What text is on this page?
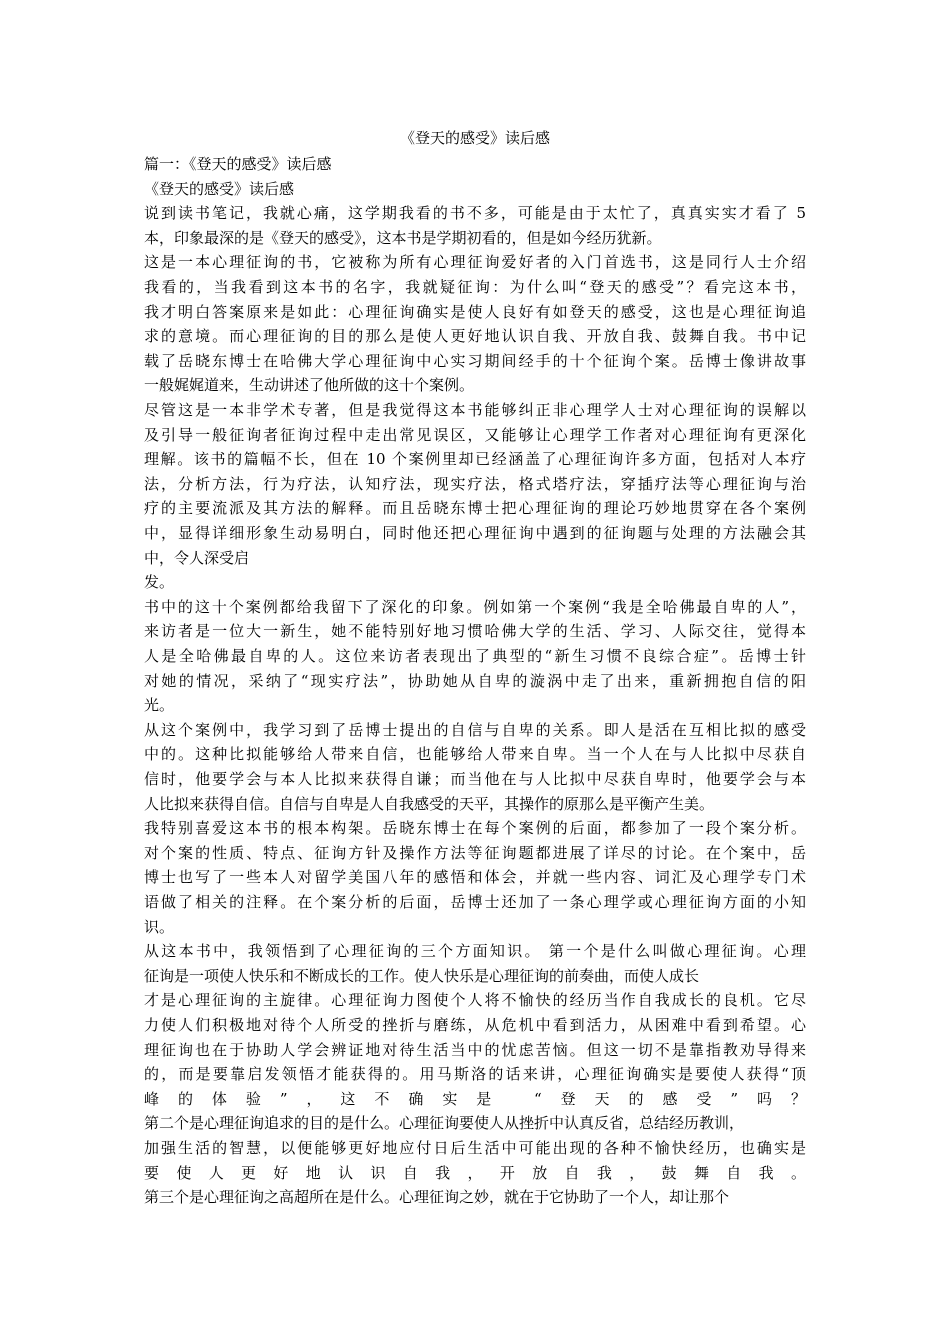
《登天的感受》读后感
篇一：《登天的感受》读后感
《登天的感受》读后感
说到读书笔记，我就心痛，这学期我看的书不多，可能是由于太忙了，真真实实才看了 5
本，印象最深的是《登天的感受》，这本书是学期初看的，但是如今经历犹新。
这是一本心理征询的书，它被称为所有心理征询爱好者的入门首选书，这是同行人士介绍
我看的，当我看到这本书的名字，我就疑征询：为什么叫“登天的感受”？看完这本书，
我才明白答案原来是如此：心理征询确实是使人良好有如登天的感受，这也是心理征询追
求的意境。而心理征询的目的那么是使人更好地认识自我、开放自我、鼓舞自我。书中记
载了岳晓东博士在哈佛大学心理征询中心实习期间经手的十个征询个案。岳博士像讲故事
一般娓娓道来，生动讲述了他所做的这十个案例。
尽管这是一本非学术专著，但是我觉得这本书能够纠正非心理学人士对心理征询的误解以
及引导一般征询者征询过程中走出常见误区，又能够让心理学工作者对心理征询有更深化
理解。该书的篇幅不长，但在 10 个案例里却已经涵盖了心理征询许多方面，包括对人本疗
法，分析方法，行为疗法，认知疗法，现实疗法，格式塔疗法，穿插疗法等心理征询与治
疗的主要流派及其方法的解释。而且岳晓东博士把心理征询的理论巧妙地贯穿在各个案例
中，显得详细形象生动易明白，同时他还把心理征询中遇到的征询题与处理的方法融会其
中，令人深受启
发。
书中的这十个案例都给我留下了深化的印象。例如第一个案例“我是全哈佛最自卑的人”，
来访者是一位大一新生，她不能特别好地习惯哈佛大学的生活、学习、人际交往，觉得本
人是全哈佛最自卑的人。这位来访者表现出了典型的“新生习惯不良综合症”。岳博士针
对她的情况，采纳了“现实疗法”，协助她从自卑的漩涡中走了出来，重新拥抱自信的阳
光。
从这个案例中，我学习到了岳博士提出的自信与自卑的关系。即人是活在互相比拟的感受
中的。这种比拟能够给人带来自信，也能够给人带来自卑。当一个人在与人比拟中尽获自
信时，他要学会与本人比拟来获得自谦；而当他在与人比拟中尽获自卑时，他要学会与本
人比拟来获得自信。自信与自卑是人自我感受的天平，其操作的原那么是平衡产生美。
我特别喜爱这本书的根本构架。岳晓东博士在每个案例的后面，都参加了一段个案分析。
对个案的性质、特点、征询方针及操作方法等征询题都进展了详尽的讨论。在个案中，岳
博士也写了一些本人对留学美国八年的感悟和体会，并就一些内容、词汇及心理学专门术
语做了相关的注释。在个案分析的后面，岳博士还加了一条心理学或心理征询方面的小知
识。
从这本书中，我领悟到了心理征询的三个方面知识。 第一个是什么叫做心理征询。心理
征询是一项使人快乐和不断成长的工作。使人快乐是心理征询的前奏曲，而使人成长
才是心理征询的主旋律。心理征询力图使个人将不愉快的经历当作自我成长的良机。它尽
力使人们积极地对待个人所受的挫折与磨练，从危机中看到活力，从困难中看到希望。心
理征询也在于协助人学会辨证地对待生活当中的忧虑苦恼。但这一切不是靠指教劝导得来
的，而是要靠启发领悟才能获得的。用马斯洛的话来讲，心理征询确实是要使人获得“顶
峰的体验”，这不确实是 “登天的感受”吗？
第二个是心理征询追求的目的是什么。心理征询要使人从挫折中认真反省，总结经历教训，
加强生活的智慧，以便能够更好地应付日后生活中可能出现的各种不愉快经历，也确实是
要使人更好地认识自我，开放自我，鼓舞自我。
第三个是心理征询之高超所在是什么。心理征询之妙，就在于它协助了一个人，却让那个
